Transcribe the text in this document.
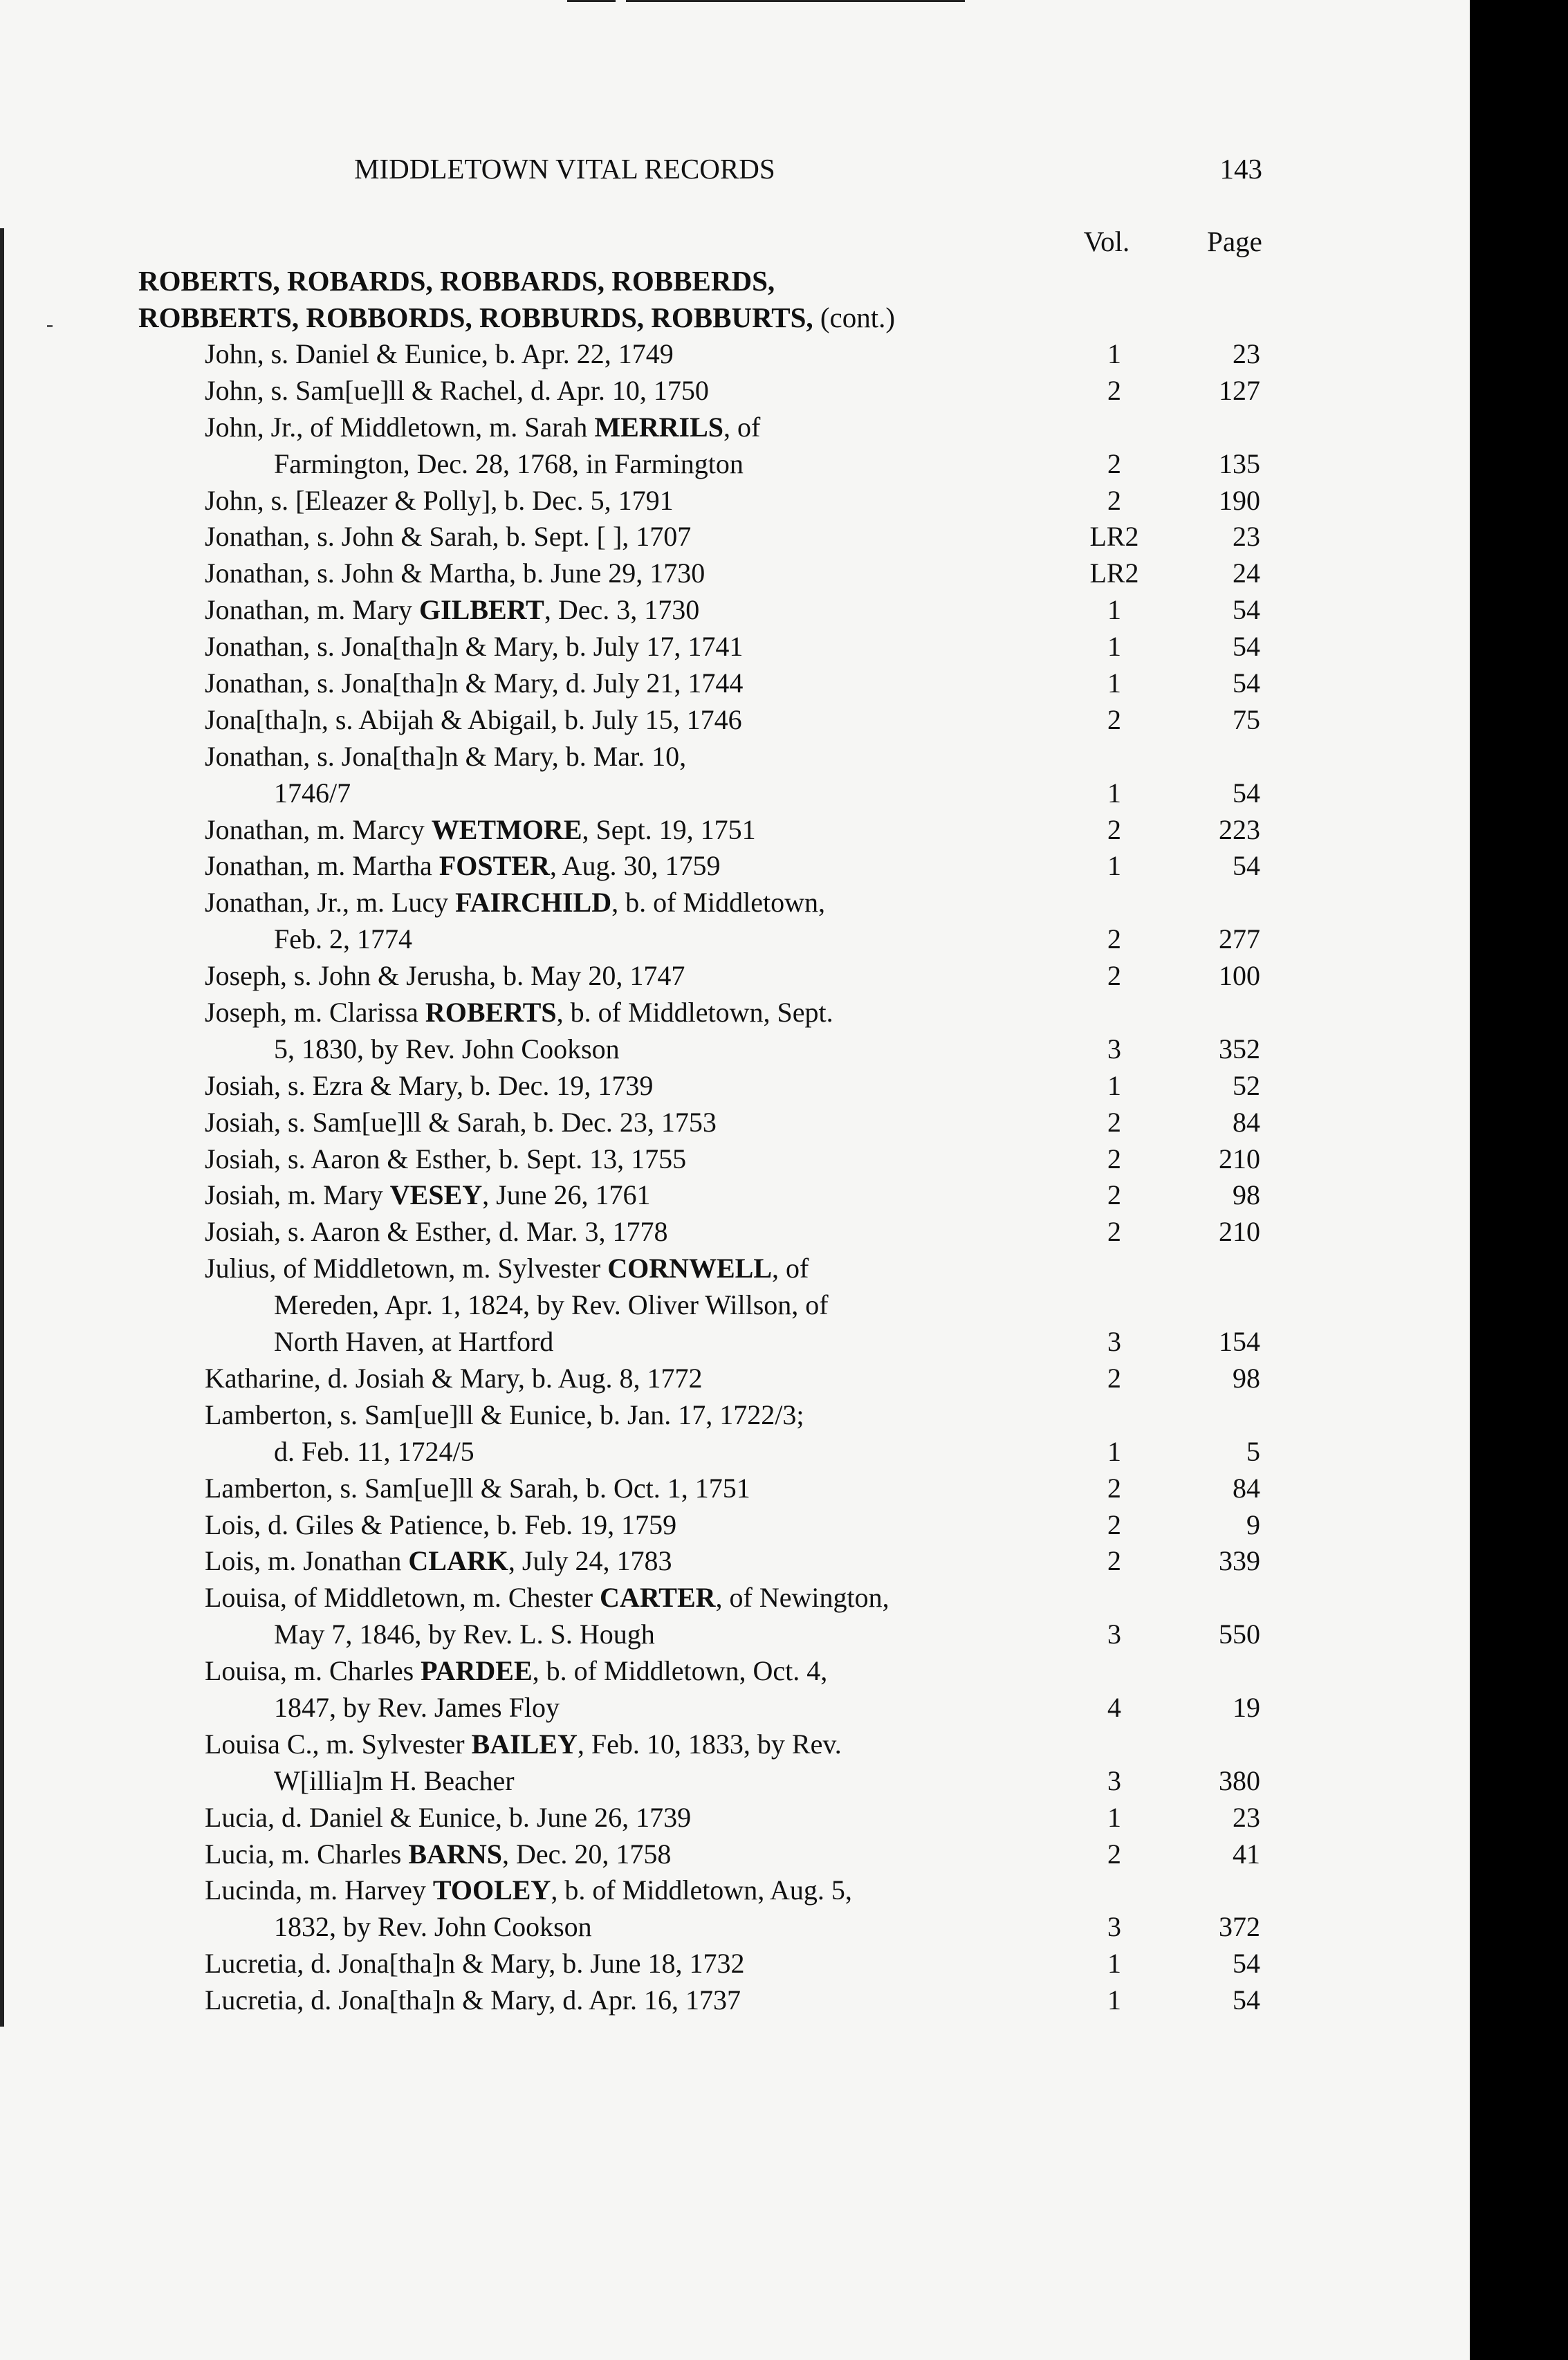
MIDDLETOWN VITAL RECORDS	143
Vol.	Page
ROBERTS, ROBARDS, ROBBARDS, ROBBERDS,
ROBBERTS, ROBBORDS, ROBBURDS, ROBBURTS, (cont.)
John, s. Daniel & Eunice, b. Apr. 22, 1749	1	23
John, s. Sam[ue]ll & Rachel, d. Apr. 10, 1750	2	127
John, Jr., of Middletown, m. Sarah MERRILS, of
Farmington, Dec. 28, 1768, in Farmington	2	135
John, s. [Eleazer & Polly], b. Dec. 5, 1791	2	190
Jonathan, s. John & Sarah, b. Sept. [ ], 1707	LR2	23
Jonathan, s. John & Martha, b. June 29, 1730	LR2	24
Jonathan, m. Mary GILBERT, Dec. 3, 1730	1	54
Jonathan, s. Jona[tha]n & Mary, b. July 17, 1741	1	54
Jonathan, s. Jona[tha]n & Mary, d. July 21, 1744	1	54
Jona[tha]n, s. Abijah & Abigail, b. July 15, 1746	2	75
Jonathan, s. Jona[tha]n & Mary, b. Mar. 10,
1746/7	1	54
Jonathan, m. Marcy WETMORE, Sept. 19, 1751	2	223
Jonathan, m. Martha FOSTER, Aug. 30, 1759	1	54
Jonathan, Jr., m. Lucy FAIRCHILD, b. of Middletown,
Feb. 2, 1774	2	277
Joseph, s. John & Jerusha, b. May 20, 1747	2	100
Joseph, m. Clarissa ROBERTS, b. of Middletown, Sept.
5, 1830, by Rev. John Cookson	3	352
Josiah, s. Ezra & Mary, b. Dec. 19, 1739	1	52
Josiah, s. Sam[ue]ll & Sarah, b. Dec. 23, 1753	2	84
Josiah, s. Aaron & Esther, b. Sept. 13, 1755	2	210
Josiah, m. Mary VESEY, June 26, 1761	2	98
Josiah, s. Aaron & Esther, d. Mar. 3, 1778	2	210
Julius, of Middletown, m. Sylvester CORNWELL, of
Mereden, Apr. 1, 1824, by Rev. Oliver Willson, of
North Haven, at Hartford	3	154
Katharine, d. Josiah & Mary, b. Aug. 8, 1772	2	98
Lamberton, s. Sam[ue]ll & Eunice, b. Jan. 17, 1722/3;
d. Feb. 11, 1724/5	1	5
Lamberton, s. Sam[ue]ll & Sarah, b. Oct. 1, 1751	2	84
Lois, d. Giles & Patience, b. Feb. 19, 1759	2	9
Lois, m. Jonathan CLARK, July 24, 1783	2	339
Louisa, of Middletown, m. Chester CARTER, of Newington,
May 7, 1846, by Rev. L. S. Hough	3	550
Louisa, m. Charles PARDEE, b. of Middletown, Oct. 4,
1847, by Rev. James Floy	4	19
Louisa C., m. Sylvester BAILEY, Feb. 10, 1833, by Rev.
W[illia]m H. Beacher	3	380
Lucia, d. Daniel & Eunice, b. June 26, 1739	1	23
Lucia, m. Charles BARNS, Dec. 20, 1758	2	41
Lucinda, m. Harvey TOOLEY, b. of Middletown, Aug. 5,
1832, by Rev. John Cookson	3	372
Lucretia, d. Jona[tha]n & Mary, b. June 18, 1732	1	54
Lucretia, d. Jona[tha]n & Mary, d. Apr. 16, 1737	1	54
